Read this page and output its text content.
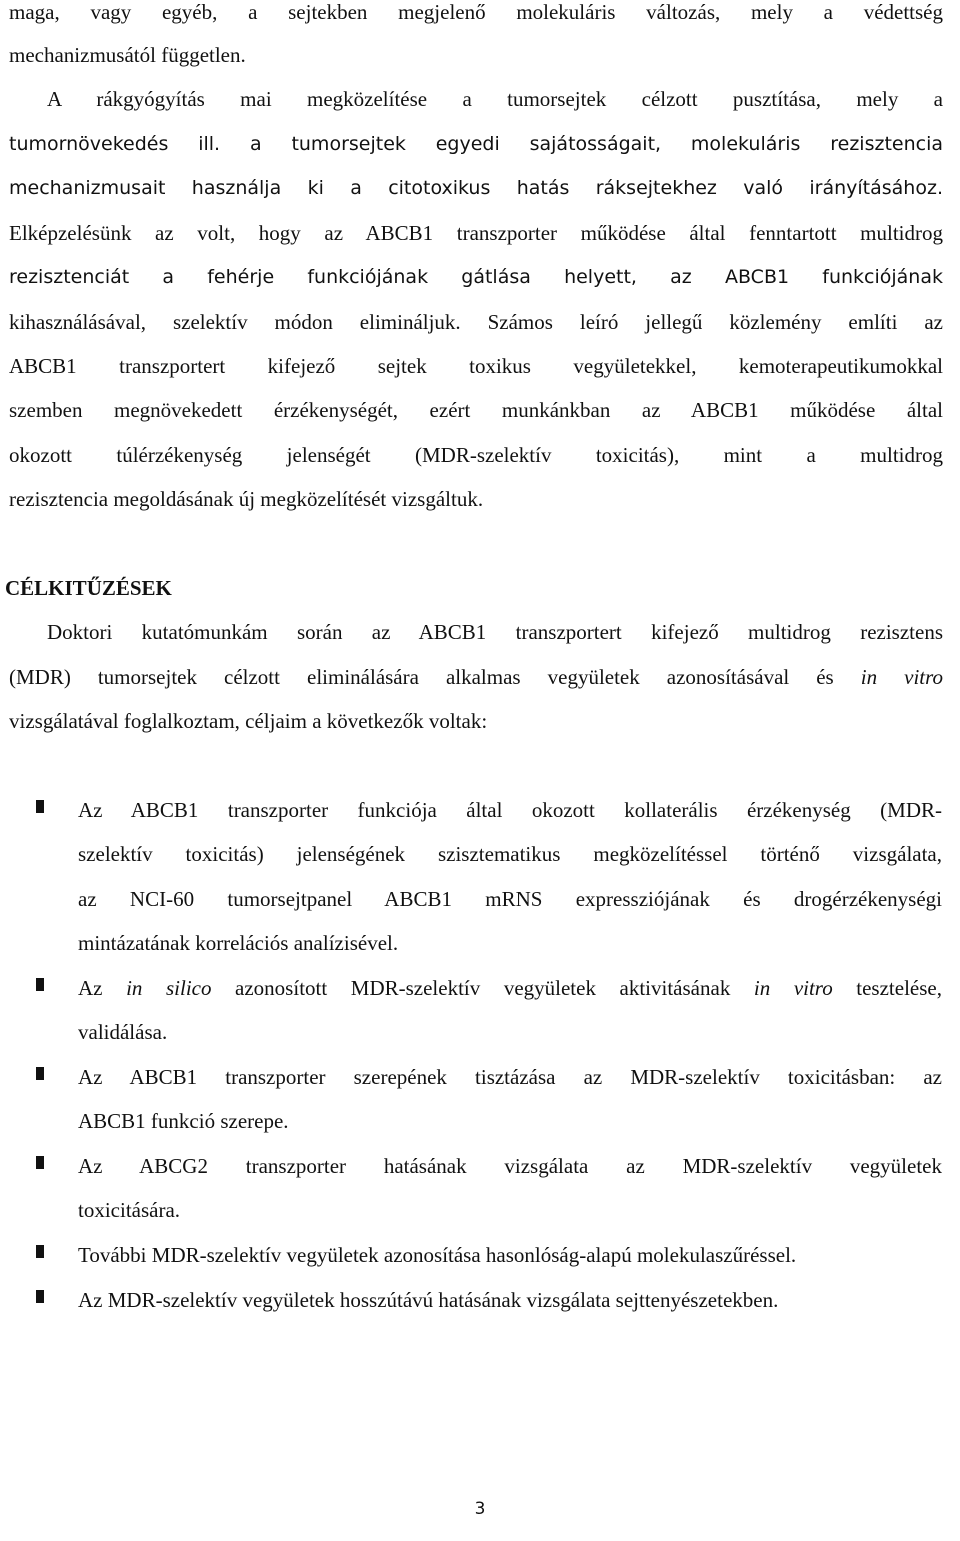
maga, vagy egyéb, a sejtekben megjelenő molekuláris változás, mely a védettség

mechanizmusától független.

A rákgyógyítás mai megközelítése a tumorsejtek célzott pusztítása, mely a

tumornövekedés ill. a tumorsejtek egyedi sajátosságait, molekuláris rezisztencia

mechanizmusait használja ki a citotoxikus hatás ráksejtekhez való irányításához.

Elképzelésünk az volt, hogy az ABCB1 transzporter működése által fenntartott multidrog

rezisztenciát a fehérje funkciójának gátlása helyett, az ABCB1 funkciójának

kihasználásával, szelektív módon elimináljuk. Számos leíró jellegű közlemény említi az

ABCB1 transzportert kifejező sejtek toxikus vegyületekkel, kemoterapeutikumokkal

szemben megnövekedett érzékenységét, ezért munkánkban az ABCB1 működése által

okozott túlérzékenység jelenségét (MDR-szelektív toxicitás), mint a multidrog

rezisztencia megoldásának új megközelítését vizsgáltuk.

CÉLKITŰZÉSEK

Doktori kutatómunkám során az ABCB1 transzportert kifejező multidrog rezisztens

(MDR) tumorsejtek célzott eliminálására alkalmas vegyületek azonosításával és in vitro

vizsgálatával foglalkoztam, céljaim a következők voltak:

Az ABCB1 transzporter funkciója által okozott kollaterális érzékenység (MDR-

szelektív toxicitás) jelenségének szisztematikus megközelítéssel történő vizsgálata,

az NCI-60 tumorsejtpanel ABCB1 mRNS expressziójának és drogérzékenységi

mintázatának korrelációs analízisével.

Az in silico azonosított MDR-szelektív vegyületek aktivitásának in vitro tesztelése,

validálása.

Az ABCB1 transzporter szerepének tisztázása az MDR-szelektív toxicitásban: az

ABCB1 funkció szerepe.

Az ABCG2 transzporter hatásának vizsgálata az MDR-szelektív vegyületek

toxicitására.

További MDR-szelektív vegyületek azonosítása hasonlóság-alapú molekulaszűréssel.

Az MDR-szelektív vegyületek hosszútávú hatásának vizsgálata sejttenyészetekben.

3
